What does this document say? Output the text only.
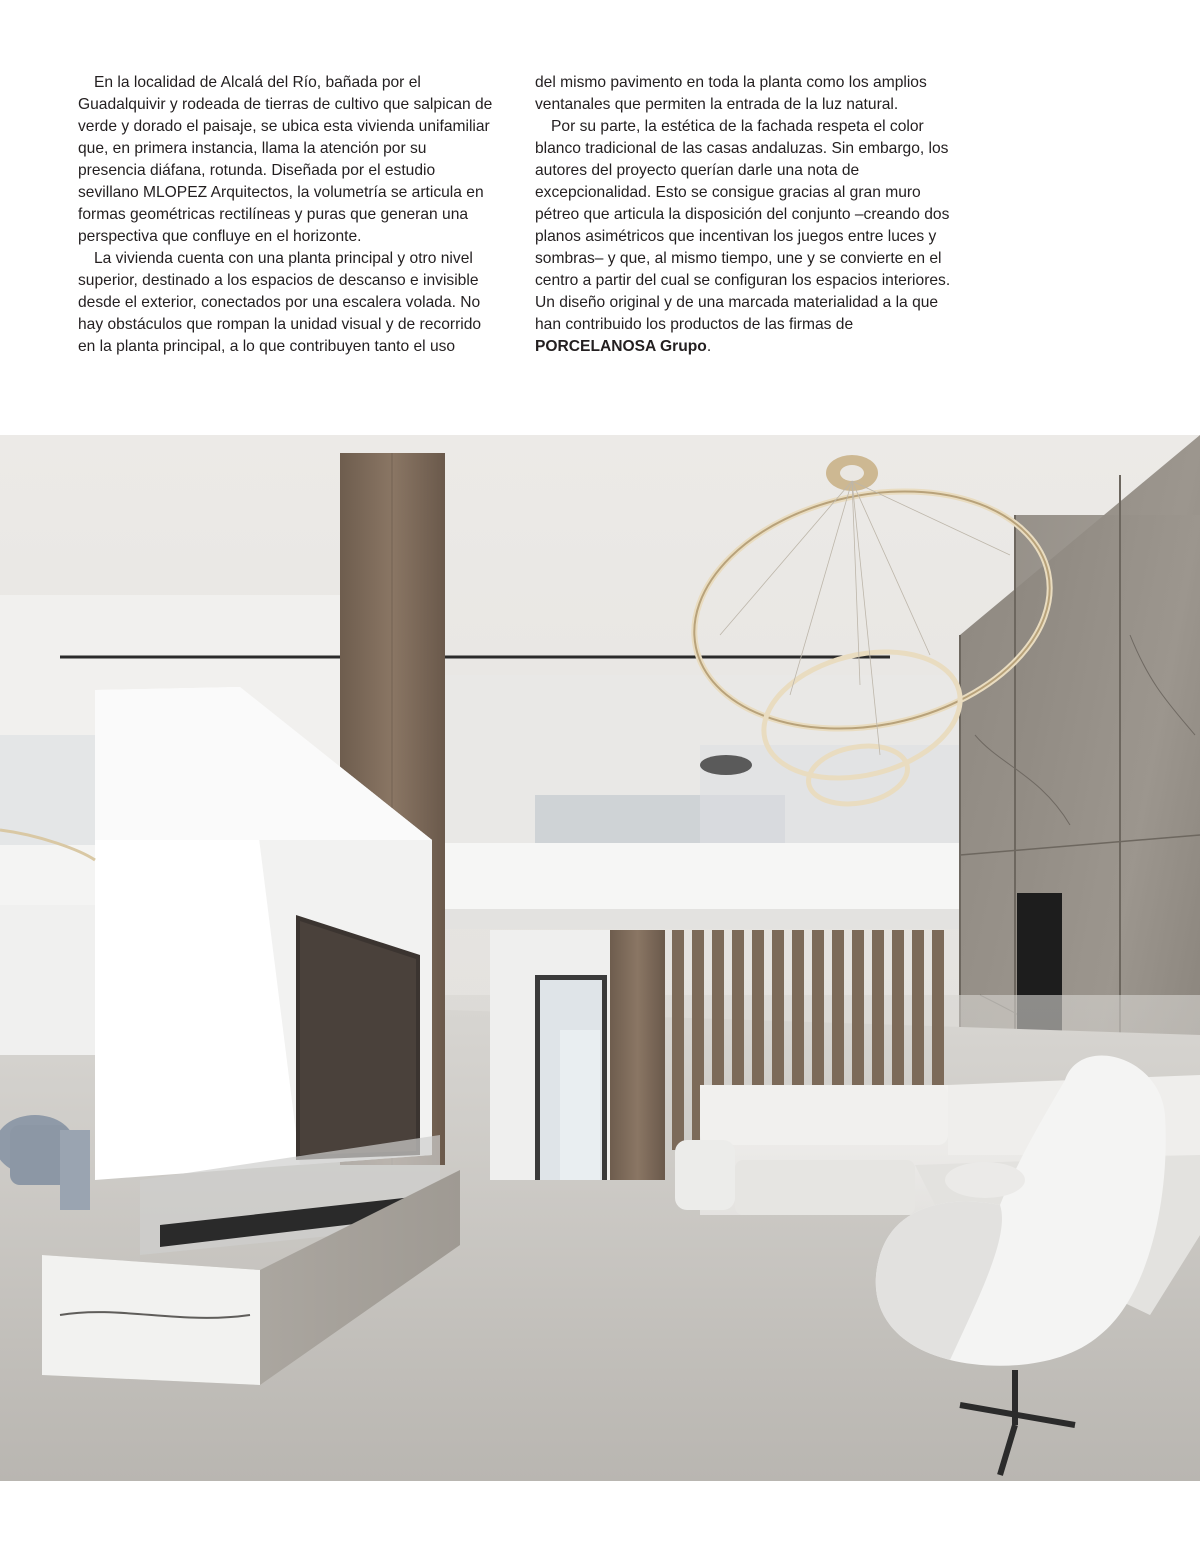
En la localidad de Alcalá del Río, bañada por el Guadalquivir y rodeada de tierras de cultivo que salpican de verde y dorado el paisaje, se ubica esta vivienda unifamiliar que, en primera instancia, llama la atención por su presencia diáfana, rotunda. Diseñada por el estudio sevillano MLOPEZ Arquitectos, la volumetría se articula en formas geométricas rectilíneas y puras que generan una perspectiva que confluye en el horizonte.

La vivienda cuenta con una planta principal y otro nivel superior, destinado a los espacios de descanso e invisible desde el exterior, conectados por una escalera volada. No hay obstáculos que rompan la unidad visual y de recorrido en la planta principal, a lo que contribuyen tanto el uso

del mismo pavimento en toda la planta como los amplios ventanales que permiten la entrada de la luz natural.

Por su parte, la estética de la fachada respeta el color blanco tradicional de las casas andaluzas. Sin embargo, los autores del proyecto querían darle una nota de excepcionalidad. Esto se consigue gracias al gran muro pétreo que articula la disposición del conjunto –creando dos planos asimétricos que incentivan los juegos entre luces y sombras– y que, al mismo tiempo, une y se convierte en el centro a partir del cual se configuran los espacios interiores. Un diseño original y de una marcada materialidad a la que han contribuido los productos de las firmas de PORCELANOSA Grupo.
